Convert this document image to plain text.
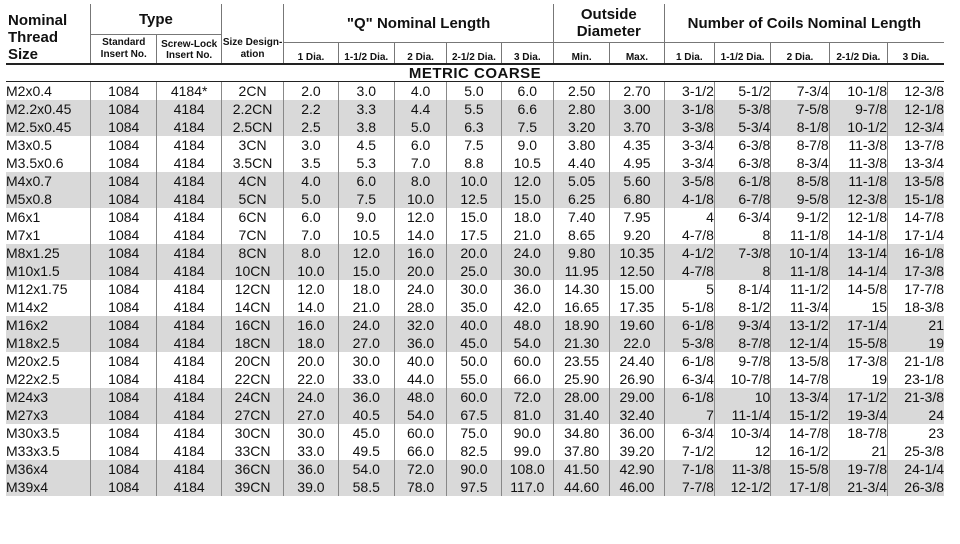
Nominal Thread Size	Type		Size Design-ation	"Q" Nominal Length					Outside Diameter		Number of Coils Nominal Length				
	Standard Insert No.	Screw-Lock Insert No.													
				1 Dia.	1-1/2 Dia.	2 Dia.	2-1/2 Dia.	3 Dia.	Min.	Max.	1 Dia.	1-1/2 Dia.	2 Dia.	2-1/2 Dia.	3 Dia.
METRIC COARSE															
M2x0.4	1084	4184*	2CN	2.0	3.0	4.0	5.0	6.0	2.50	2.70	3-1/2	5-1/2	7-3/4	10-1/8	12-3/8
M2.2x0.45	1084	4184	2.2CN	2.2	3.3	4.4	5.5	6.6	2.80	3.00	3-1/8	5-3/8	7-5/8	9-7/8	12-1/8
M2.5x0.45	1084	4184	2.5CN	2.5	3.8	5.0	6.3	7.5	3.20	3.70	3-3/8	5-3/4	8-1/8	10-1/2	12-3/4
M3x0.5	1084	4184	3CN	3.0	4.5	6.0	7.5	9.0	3.80	4.35	3-3/4	6-3/8	8-7/8	11-3/8	13-7/8
M3.5x0.6	1084	4184	3.5CN	3.5	5.3	7.0	8.8	10.5	4.40	4.95	3-3/4	6-3/8	8-3/4	11-3/8	13-3/4
M4x0.7	1084	4184	4CN	4.0	6.0	8.0	10.0	12.0	5.05	5.60	3-5/8	6-1/8	8-5/8	11-1/8	13-5/8
M5x0.8	1084	4184	5CN	5.0	7.5	10.0	12.5	15.0	6.25	6.80	4-1/8	6-7/8	9-5/8	12-3/8	15-1/8
M6x1	1084	4184	6CN	6.0	9.0	12.0	15.0	18.0	7.40	7.95	4	6-3/4	9-1/2	12-1/8	14-7/8
M7x1	1084	4184	7CN	7.0	10.5	14.0	17.5	21.0	8.65	9.20	4-7/8	8	11-1/8	14-1/8	17-1/4
M8x1.25	1084	4184	8CN	8.0	12.0	16.0	20.0	24.0	9.80	10.35	4-1/2	7-3/8	10-1/4	13-1/4	16-1/8
M10x1.5	1084	4184	10CN	10.0	15.0	20.0	25.0	30.0	11.95	12.50	4-7/8	8	11-1/8	14-1/4	17-3/8
M12x1.75	1084	4184	12CN	12.0	18.0	24.0	30.0	36.0	14.30	15.00	5	8-1/4	11-1/2	14-5/8	17-7/8
M14x2	1084	4184	14CN	14.0	21.0	28.0	35.0	42.0	16.65	17.35	5-1/8	8-1/2	11-3/4	15	18-3/8
M16x2	1084	4184	16CN	16.0	24.0	32.0	40.0	48.0	18.90	19.60	6-1/8	9-3/4	13-1/2	17-1/4	21
M18x2.5	1084	4184	18CN	18.0	27.0	36.0	45.0	54.0	21.30	22.0	5-3/8	8-7/8	12-1/4	15-5/8	19
M20x2.5	1084	4184	20CN	20.0	30.0	40.0	50.0	60.0	23.55	24.40	6-1/8	9-7/8	13-5/8	17-3/8	21-1/8
M22x2.5	1084	4184	22CN	22.0	33.0	44.0	55.0	66.0	25.90	26.90	6-3/4	10-7/8	14-7/8	19	23-1/8
M24x3	1084	4184	24CN	24.0	36.0	48.0	60.0	72.0	28.00	29.00	6-1/8	10	13-3/4	17-1/2	21-3/8
M27x3	1084	4184	27CN	27.0	40.5	54.0	67.5	81.0	31.40	32.40	7	11-1/4	15-1/2	19-3/4	24
M30x3.5	1084	4184	30CN	30.0	45.0	60.0	75.0	90.0	34.80	36.00	6-3/4	10-3/4	14-7/8	18-7/8	23
M33x3.5	1084	4184	33CN	33.0	49.5	66.0	82.5	99.0	37.80	39.20	7-1/2	12	16-1/2	21	25-3/8
M36x4	1084	4184	36CN	36.0	54.0	72.0	90.0	108.0	41.50	42.90	7-1/8	11-3/8	15-5/8	19-7/8	24-1/4
M39x4	1084	4184	39CN	39.0	58.5	78.0	97.5	117.0	44.60	46.00	7-7/8	12-1/2	17-1/8	21-3/4	26-3/8
